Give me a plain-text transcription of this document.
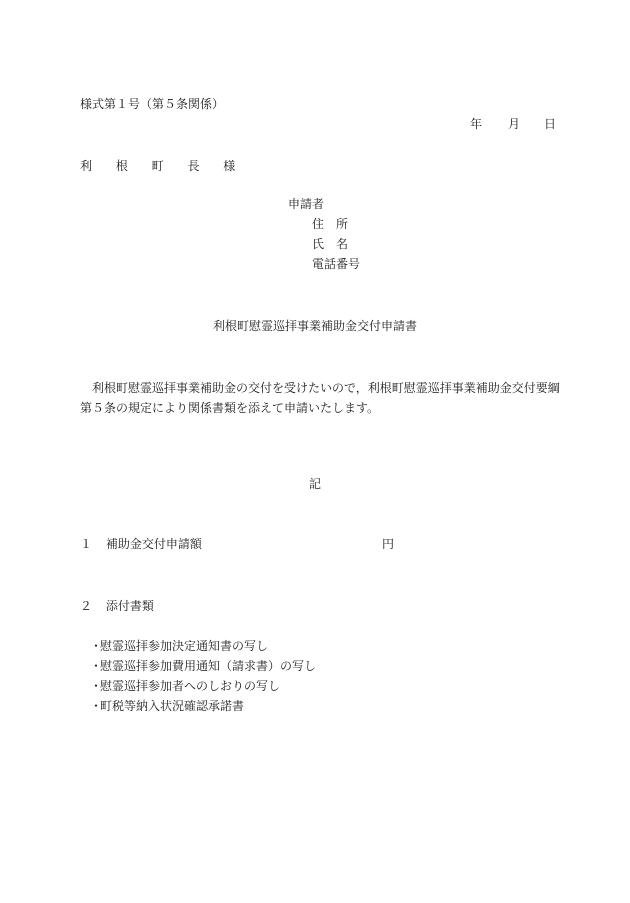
様式第１号（第５条関係）
年 月 日
利 根 町 長 様
申請者
住　所
氏　名
電話番号
利根町慰霊巡拝事業補助金交付申請書
利根町慰霊巡拝事業補助金の交付を受けたいので，利根町慰霊巡拝事業補助金交付要綱
第５条の規定により関係書類を添えて申請いたします。
記
１ 補助金交付申請額	円
２ 添付書類
・慰霊巡拝参加決定通知書の写し
・慰霊巡拝参加費用通知（請求書）の写し
・慰霊巡拝参加者へのしおりの写し
・町税等納入状況確認承諾書
